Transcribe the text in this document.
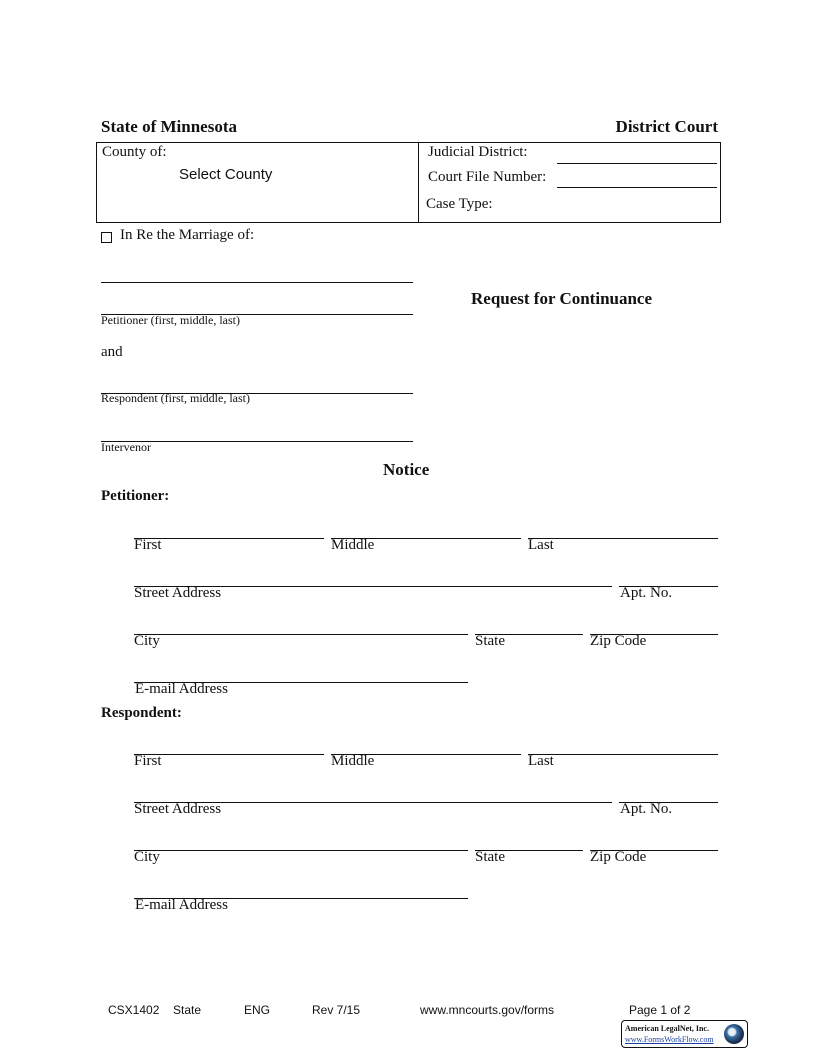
State of Minnesota	District Court
County of:
Select County
Judicial District:
Court File Number:
Case Type:
In Re the Marriage of:
Petitioner (first, middle, last)
Request for Continuance
and
Respondent (first, middle, last)
Intervenor
Notice
Petitioner:
First	Middle	Last
Street Address	Apt. No.
City	State	Zip Code
E-mail Address
Respondent:
First	Middle	Last
Street Address	Apt. No.
City	State	Zip Code
E-mail Address
CSX1402 State	ENG	Rev 7/15	www.mncourts.gov/forms	Page 1 of 2
American LegalNet, Inc.
www.FormsWorkFlow.com
